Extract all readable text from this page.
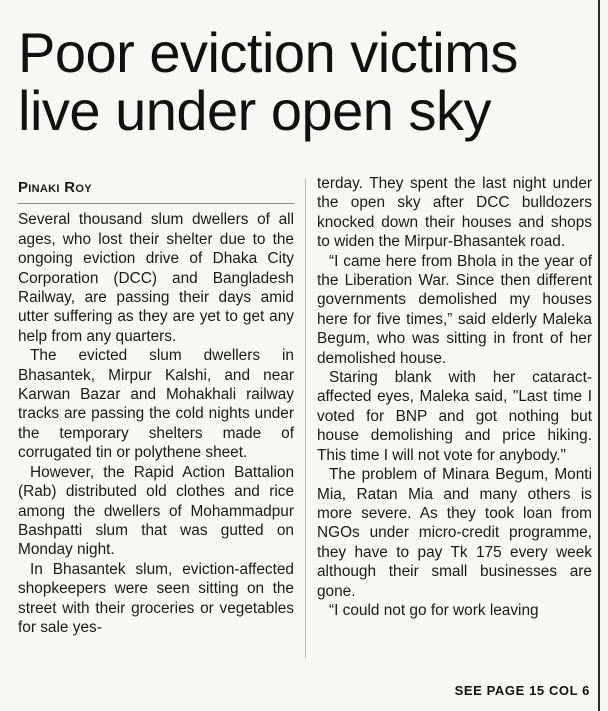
Poor eviction victims
live under open sky
Pinaki Roy

Several thousand slum dwellers of all ages, who lost their shelter due to the ongoing eviction drive of Dhaka City Corporation (DCC) and Bangladesh Railway, are passing their days amid utter suffering as they are yet to get any help from any quarters.

The evicted slum dwellers in Bhasantek, Mirpur Kalshi, and near Karwan Bazar and Mohakhali railway tracks are passing the cold nights under the temporary shelters made of corrugated tin or polythene sheet.

However, the Rapid Action Battalion (Rab) distributed old clothes and rice among the dwellers of Mohammadpur Bashpatti slum that was gutted on Monday night.

In Bhasantek slum, eviction-affected shopkeepers were seen sitting on the street with their groceries or vegetables for sale yes-

terday. They spent the last night under the open sky after DCC bulldozers knocked down their houses and shops to widen the Mirpur-Bhasantek road.

“I came here from Bhola in the year of the Liberation War. Since then different governments demolished my houses here for five times,” said elderly Maleka Begum, who was sitting in front of her demolished house.

Staring blank with her cataract-affected eyes, Maleka said, "Last time I voted for BNP and got nothing but house demolishing and price hiking. This time I will not vote for anybody."

The problem of Minara Begum, Monti Mia, Ratan Mia and many others is more severe. As they took loan from NGOs under micro-credit programme, they have to pay Tk 175 every week although their small businesses are gone.

“I could not go for work leaving

SEE PAGE 15 COL 6
